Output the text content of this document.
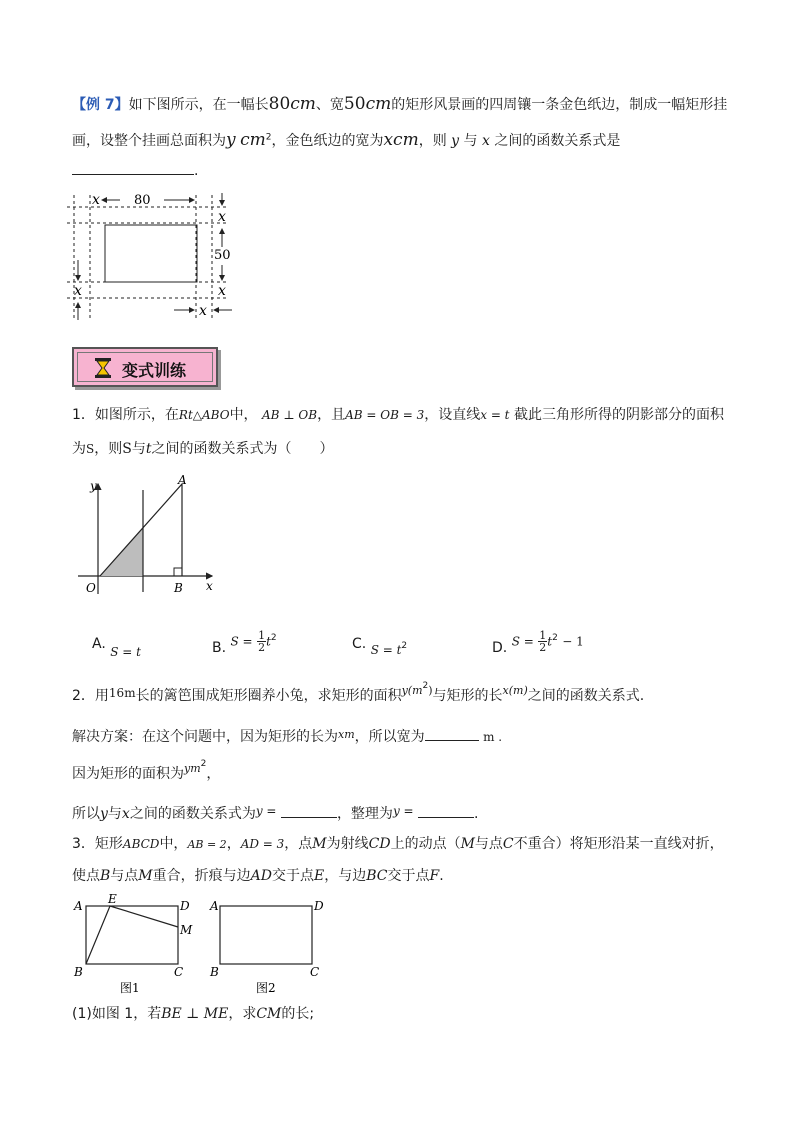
【例 7】如下图所示，在一幅长80cm、宽50cm的矩形风景画的四周镶一条金色纸边，制成一幅矩形挂
画，设整个挂画总面积为y $cm^2$，金色纸边的宽为xcm，则 y 与 x 之间的函数关系式是
.
x	80
x
50
x
x
x
变式训练
1．如图所示，在Rt△ABO中， AB ⊥ OB，且AB = OB = 3，设直线x = t 截此三角形所得的阴影部分的面积
为S，则S与t之间的函数关系式为（　　）
y	A
O	B x
A. S = t	B. $S = \frac{1}{2} t^2$	C. $S = t^2$	D. $S = \frac{1}{2} t^2 - 1$
2．用16m长的篱笆围成矩形圈养小兔，求矩形的面积$^{y(m2)}$与矩形的长$^{x(m)}$之间的函数关系式.
解决方案：在这个问题中，因为矩形的长为$^{xm}$，所以宽为	m .
因为矩形的面积为$^{ym2}$，
所以y与x之间的函数关系式为y =	，整理为y =	.
3．矩形ABCD中，AB = 2，AD = 3，点M为射线CD上的动点（M与点C不重合）将矩形沿某一直线对折，
使点B与点M重合，折痕与边AD交于点E，与边BC交于点F.
A E	D
M
B	C
图1
A	D
B	C
图2
(1)如图 1，若BE ⊥ ME，求CM的长;
